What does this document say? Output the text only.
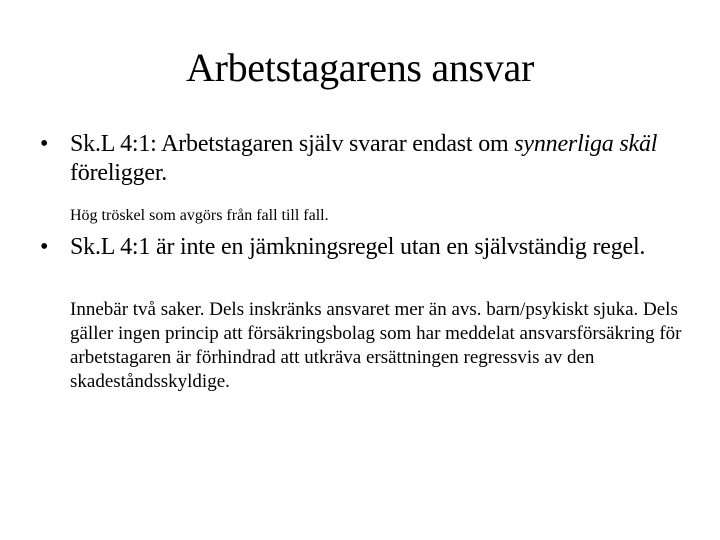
Arbetstagarens ansvar
• Sk.L 4:1: Arbetstagaren själv svarar endast om synnerliga skäl föreligger.
Hög tröskel som avgörs från fall till fall.
• Sk.L 4:1 är inte en jämkningsregel utan en självständig regel.
Innebär två saker. Dels inskränks ansvaret mer än avs. barn/psykiskt sjuka. Dels gäller ingen princip att försäkringsbolag som har meddelat ansvarsförsäkring för arbetstagaren är förhindrad att utkräva ersättningen regressvis av den skadeståndsskyldige.
